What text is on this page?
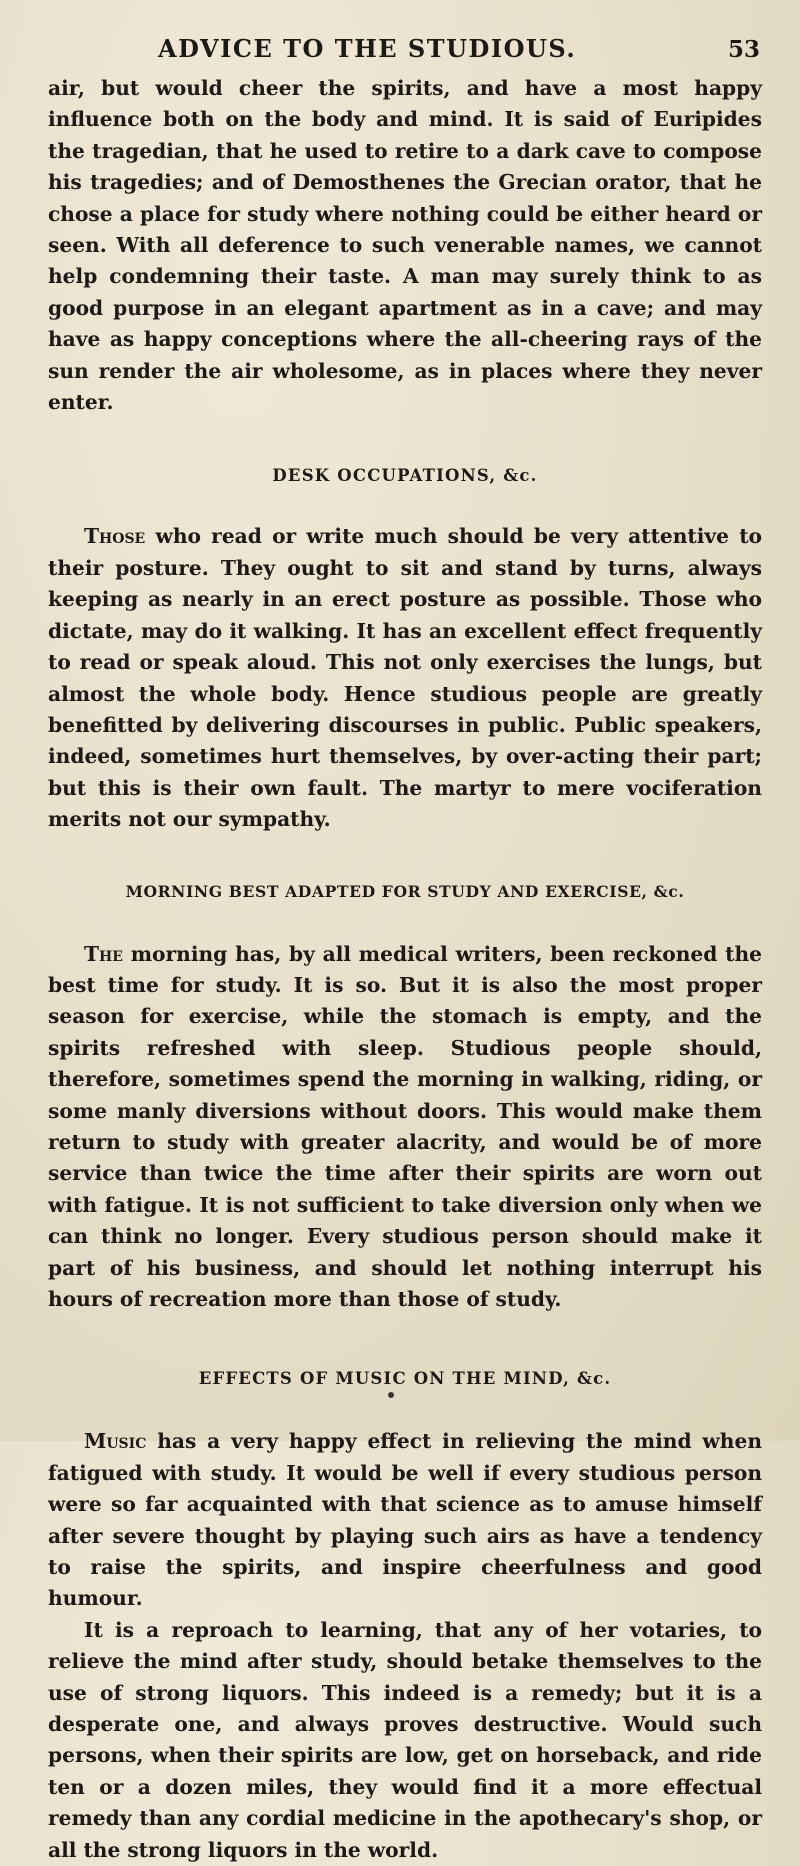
ADVICE TO THE STUDIOUS.	53

air, but would cheer the spirits, and have a most happy influence both on the body and mind. It is said of Euripides the tragedian, that he used to retire to a dark cave to compose his tragedies; and of Demosthenes the Grecian orator, that he chose a place for study where nothing could be either heard or seen. With all deference to such venerable names, we cannot help condemning their taste. A man may surely think to as good purpose in an elegant apartment as in a cave; and may have as happy conceptions where the all-cheering rays of the sun render the air wholesome, as in places where they never enter.

DESK OCCUPATIONS, &c.

Those who read or write much should be very attentive to their posture. They ought to sit and stand by turns, always keeping as nearly in an erect posture as possible. Those who dictate, may do it walking. It has an excellent effect frequently to read or speak aloud. This not only exercises the lungs, but almost the whole body. Hence studious people are greatly benefitted by delivering discourses in public. Public speakers, indeed, sometimes hurt themselves, by over-acting their part; but this is their own fault. The martyr to mere vociferation merits not our sympathy.

MORNING BEST ADAPTED FOR STUDY AND EXERCISE, &c.

The morning has, by all medical writers, been reckoned the best time for study. It is so. But it is also the most proper season for exercise, while the stomach is empty, and the spirits refreshed with sleep. Studious people should, therefore, sometimes spend the morning in walking, riding, or some manly diversions without doors. This would make them return to study with greater alacrity, and would be of more service than twice the time after their spirits are worn out with fatigue. It is not sufficient to take diversion only when we can think no longer. Every studious person should make it part of his business, and should let nothing interrupt his hours of recreation more than those of study.

EFFECTS OF MUSIC ON THE MIND, &c.

Music has a very happy effect in relieving the mind when fatigued with study. It would be well if every studious person were so far acquainted with that science as to amuse himself after severe thought by playing such airs as have a tendency to raise the spirits, and inspire cheerfulness and good humour.

It is a reproach to learning, that any of her votaries, to relieve the mind after study, should betake themselves to the use of strong liquors. This indeed is a remedy; but it is a desperate one, and always proves destructive. Would such persons, when their spirits are low, get on horseback, and ride ten or a dozen miles, they would find it a more effectual remedy than any cordial medicine in the apothecary's shop, or all the strong liquors in the world.
